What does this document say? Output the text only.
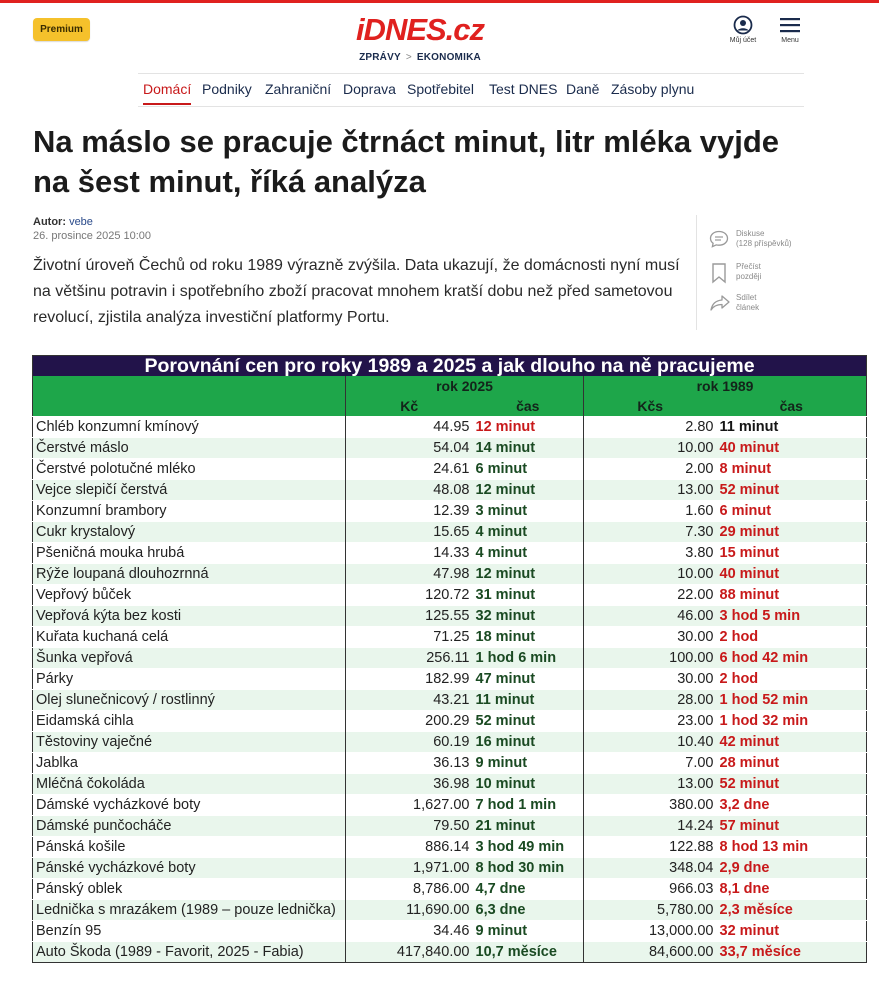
Premium	iDNES.cz
ZPRÁVY > EKONOMIKA
Můj účet	Menu
Domácí Podniky Zahraniční Doprava Spotřebitel Test DNES Daně Zásoby plynu
Na máslo se pracuje čtrnáct minut, litr mléka vyjde na šest minut, říká analýza
Autor: vebe
26. prosince 2025 10:00

Životní úroveň Čechů od roku 1989 výrazně zvýšila. Data ukazují, že domácnosti nyní musí na většinu potravin i spotřebního zboží pracovat mnohem kratší dobu než před sametovou revolucí, zjistila analýza investiční platformy Portu.

Diskuse
(128 příspěvků)
Přečíst
později
Sdílet
článek
Porovnání cen pro roky 1989 a 2025 a jak dlouho na ně pracujeme				
	rok 2025		rok 1989	
	Kč	čas	Kčs	čas
Chléb konzumní kmínový	44.95	12 minut	2.80	11 minut
Čerstvé máslo	54.04	14 minut	10.00	40 minut
Čerstvé polotučné mléko	24.61	6 minut	2.00	8 minut
Vejce slepičí čerstvá	48.08	12 minut	13.00	52 minut
Konzumní brambory	12.39	3 minut	1.60	6 minut
Cukr krystalový	15.65	4 minut	7.30	29 minut
Pšeničná mouka hrubá	14.33	4 minut	3.80	15 minut
Rýže loupaná dlouhozrnná	47.98	12 minut	10.00	40 minut
Vepřový bůček	120.72	31 minut	22.00	88 minut
Vepřová kýta bez kosti	125.55	32 minut	46.00	3 hod 5 min
Kuřata kuchaná celá	71.25	18 minut	30.00	2 hod
Šunka vepřová	256.11	1 hod 6 min	100.00	6 hod 42 min
Párky	182.99	47 minut	30.00	2 hod
Olej slunečnicový / rostlinný	43.21	11 minut	28.00	1 hod 52 min
Eidamská cihla	200.29	52 minut	23.00	1 hod 32 min
Těstoviny vaječné	60.19	16 minut	10.40	42 minut
Jablka	36.13	9 minut	7.00	28 minut
Mléčná čokoláda	36.98	10 minut	13.00	52 minut
Dámské vycházkové boty	1,627.00	7 hod 1 min	380.00	3,2 dne
Dámské punčocháče	79.50	21 minut	14.24	57 minut
Pánská košile	886.14	3 hod 49 min	122.88	8 hod 13 min
Pánské vycházkové boty	1,971.00	8 hod 30 min	348.04	2,9 dne
Pánský oblek	8,786.00	4,7 dne	966.03	8,1 dne
Lednička s mrazákem (1989 – pouze lednička)	11,690.00	6,3 dne	5,780.00	2,3 měsíce
Benzín 95	34.46	9 minut	13,000.00	32 minut
Auto Škoda (1989 - Favorit, 2025 - Fabia)	417,840.00	10,7 měsíce	84,600.00	33,7 měsíce
